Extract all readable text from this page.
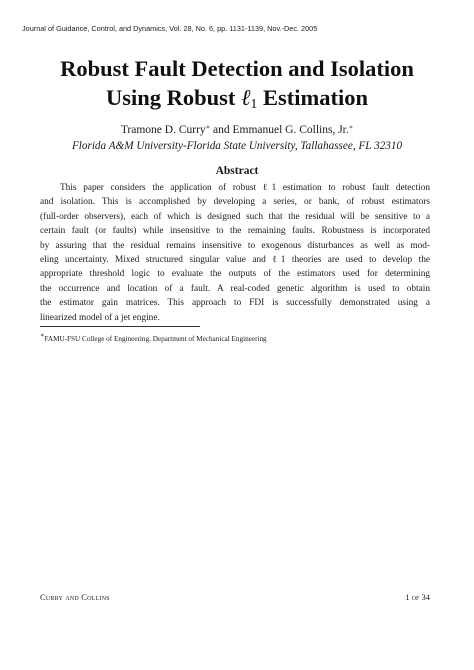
Journal of Guidance, Control, and Dynamics, Vol. 28, No. 6, pp. 1131-1139, Nov.-Dec. 2005
Robust Fault Detection and Isolation
Using Robust ℓ$_1$ Estimation
Tramone D. Curry∗ and Emmanuel G. Collins, Jr.∗
Florida A&M University-Florida State University, Tallahassee, FL 32310
Abstract
This paper considers the application of robust ℓ1 estimation to robust fault detection
and isolation. This is accomplished by developing a series, or bank, of robust estimators
(full-order observers), each of which is designed such that the residual will be sensitive to a
certain fault (or faults) while insensitive to the remaining faults. Robustness is incorporated
by assuring that the residual remains insensitive to exogenous disturbances as well as mod-
eling uncertainty. Mixed structured singular value and ℓ1 theories are used to develop the
appropriate threshold logic to evaluate the outputs of the estimators used for determining
the occurrence and location of a fault. A real-coded genetic algorithm is used to obtain
the estimator gain matrices. This approach to FDI is successfully demonstrated using a
linearized model of a jet engine.
∗FAMU-FSU College of Engineering, Department of Mechanical Engineering
Curry and Collins	1 of 34
